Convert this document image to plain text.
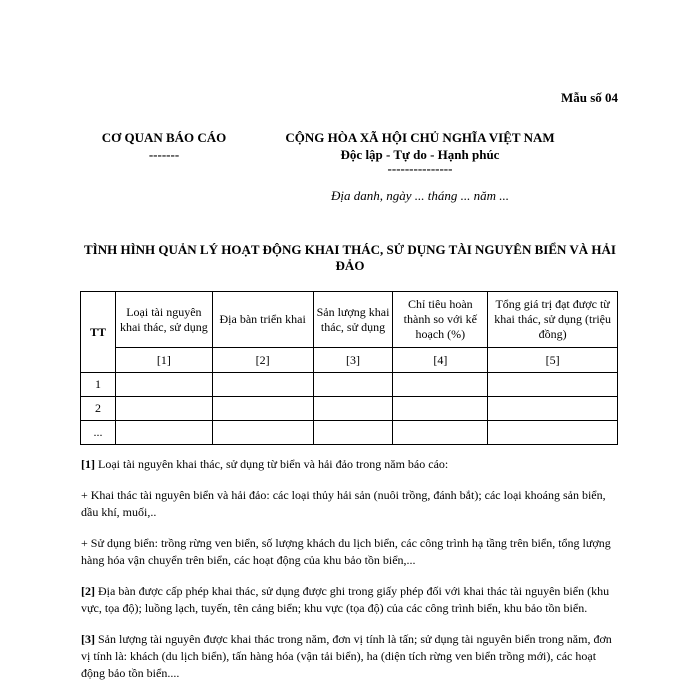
Mẫu số 04
CƠ QUAN BÁO CÁO
-------
CỘNG HÒA XÃ HỘI CHỦ NGHĨA VIỆT NAM
Độc lập - Tự do - Hạnh phúc
---------------
Địa danh, ngày ... tháng ... năm ...
TÌNH HÌNH QUẢN LÝ HOẠT ĐỘNG KHAI THÁC, SỬ DỤNG TÀI NGUYÊN BIỂN VÀ HẢI ĐẢO
TT	Loại tài nguyên khai thác, sử dụng	Địa bàn triển khai	Sản lượng khai thác, sử dụng	Chỉ tiêu hoàn thành so với kế hoạch (%)	Tổng giá trị đạt được từ khai thác, sử dụng (triệu đồng)
	[1]	[2]	[3]	[4]	[5]
1					
2					
...					

[1] Loại tài nguyên khai thác, sử dụng từ biển và hải đảo trong năm báo cáo:

+ Khai thác tài nguyên biển và hải đảo: các loại thủy hải sản (nuôi trồng, đánh bắt); các loại khoáng sản biển, dầu khí, muối,..

+ Sử dụng biển: trồng rừng ven biển, số lượng khách du lịch biển, các công trình hạ tầng trên biển, tổng lượng hàng hóa vận chuyển trên biển, các hoạt động của khu bảo tồn biển,...

[2] Địa bàn được cấp phép khai thác, sử dụng được ghi trong giấy phép đối với khai thác tài nguyên biển (khu vực, tọa độ); luồng lạch, tuyến, tên cảng biển; khu vực (tọa độ) của các công trình biển, khu bảo tồn biển.

[3] Sản lượng tài nguyên được khai thác trong năm, đơn vị tính là tấn; sử dụng tài nguyên biển trong năm, đơn vị tính là: khách (du lịch biển), tấn hàng hóa (vận tải biển), ha (diện tích rừng ven biển trồng mới), các hoạt động bảo tồn biển....
